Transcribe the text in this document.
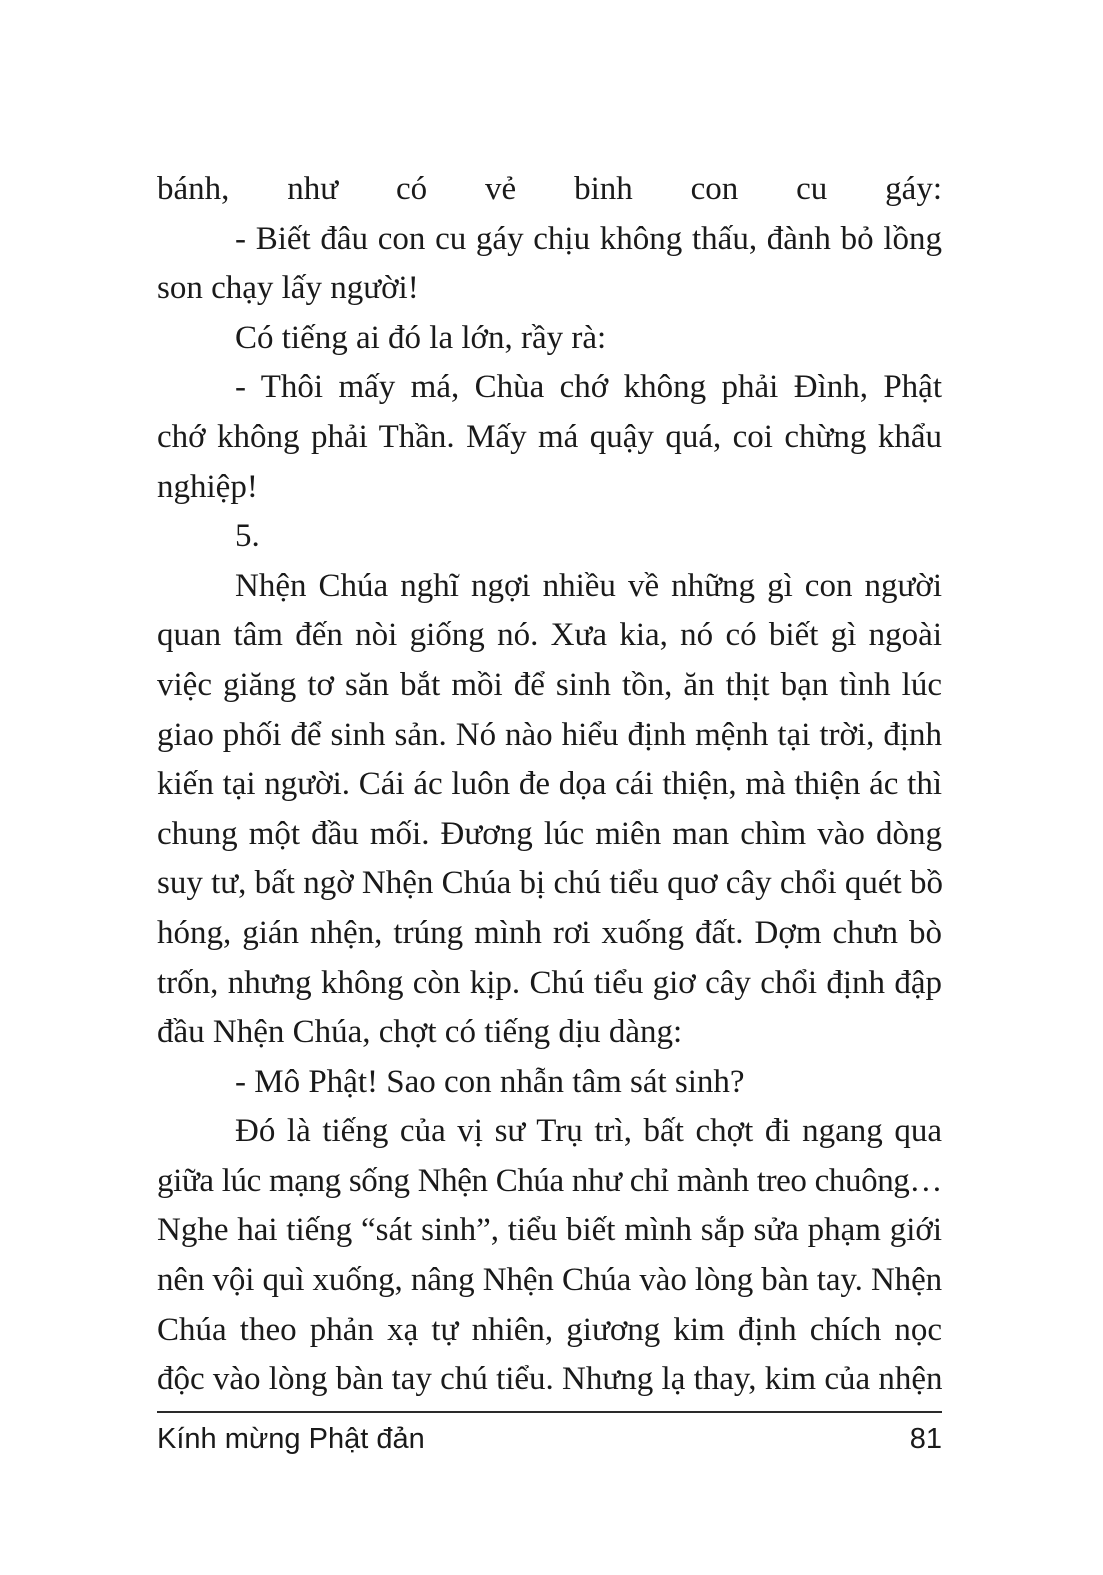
bánh, như có vẻ binh con cu gáy:
- Biết đâu con cu gáy chịu không thấu, đành bỏ lồng
son chạy lấy người!
Có tiếng ai đó la lớn, rầy rà:
- Thôi mấy má, Chùa chớ không phải Đình, Phật
chớ không phải Thần. Mấy má quậy quá, coi chừng khẩu
nghiệp!
5.
Nhện Chúa nghĩ ngợi nhiều về những gì con người
quan tâm đến nòi giống nó. Xưa kia, nó có biết gì ngoài
việc giăng tơ săn bắt mồi để sinh tồn, ăn thịt bạn tình lúc
giao phối để sinh sản. Nó nào hiểu định mệnh tại trời, định
kiến tại người. Cái ác luôn đe dọa cái thiện, mà thiện ác thì
chung một đầu mối. Đương lúc miên man chìm vào dòng
suy tư, bất ngờ Nhện Chúa bị chú tiểu quơ cây chổi quét bồ
hóng, gián nhện, trúng mình rơi xuống đất. Dợm chưn bò
trốn, nhưng không còn kịp. Chú tiểu giơ cây chổi định đập
đầu Nhện Chúa, chợt có tiếng dịu dàng:
- Mô Phật! Sao con nhẫn tâm sát sinh?
Đó là tiếng của vị sư Trụ trì, bất chợt đi ngang qua
giữa lúc mạng sống Nhện Chúa như chỉ mành treo chuông…
Nghe hai tiếng “sát sinh”, tiểu biết mình sắp sửa phạm giới
nên vội quì xuống, nâng Nhện Chúa vào lòng bàn tay. Nhện
Chúa theo phản xạ tự nhiên, giương kim định chích nọc
độc vào lòng bàn tay chú tiểu. Nhưng lạ thay, kim của nhện
Kính mừng Phật đản	81
